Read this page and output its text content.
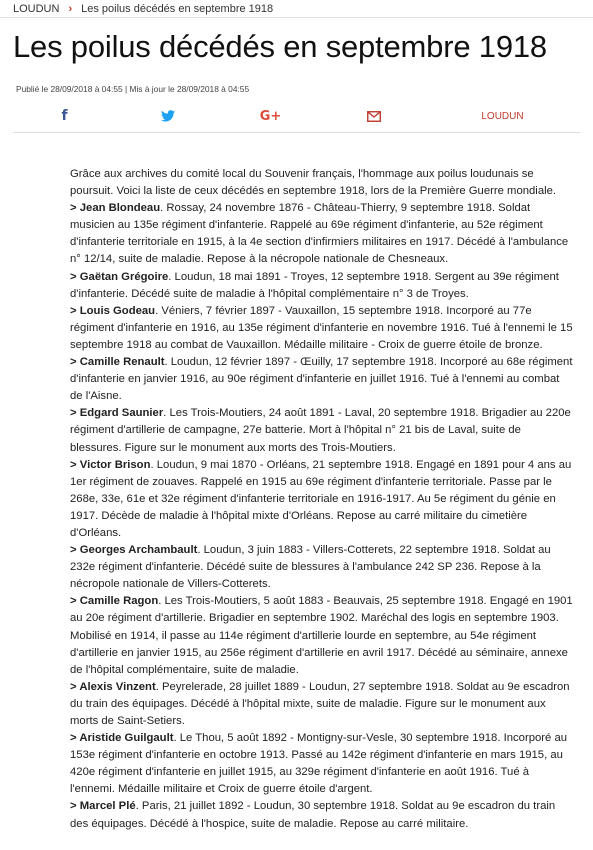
LOUDUN › Les poilus décédés en septembre 1918
Les poilus décédés en septembre 1918
Publié le 28/09/2018 à 04:55 | Mis à jour le 28/09/2018 à 04:55
f	G+	LOUDUN

Grâce aux archives du comité local du Souvenir français, l'hommage aux poilus loudunais se poursuit. Voici la liste de ceux décédés en septembre 1918, lors de la Première Guerre mondiale.

> Jean Blondeau. Rossay, 24 novembre 1876 - Château-Thierry, 9 septembre 1918. Soldat musicien au 135e régiment d'infanterie. Rappelé au 69e régiment d'infanterie, au 52e régiment d'infanterie territoriale en 1915, à la 4e section d'infirmiers militaires en 1917. Décédé à l'ambulance n° 12/14, suite de maladie. Repose à la nécropole nationale de Chesneaux.

> Gaëtan Grégoire. Loudun, 18 mai 1891 - Troyes, 12 septembre 1918. Sergent au 39e régiment d'infanterie. Décédé suite de maladie à l'hôpital complémentaire n° 3 de Troyes.

> Louis Godeau. Véniers, 7 février 1897 - Vauxaillon, 15 septembre 1918. Incorporé au 77e régiment d'infanterie en 1916, au 135e régiment d'infanterie en novembre 1916. Tué à l'ennemi le 15 septembre 1918 au combat de Vauxaillon. Médaille militaire - Croix de guerre étoile de bronze.

> Camille Renault. Loudun, 12 février 1897 - Œuilly, 17 septembre 1918. Incorporé au 68e régiment d'infanterie en janvier 1916, au 90e régiment d'infanterie en juillet 1916. Tué à l'ennemi au combat de l'Aisne.

> Edgard Saunier. Les Trois-Moutiers, 24 août 1891 - Laval, 20 septembre 1918. Brigadier au 220e régiment d'artillerie de campagne, 27e batterie. Mort à l'hôpital n° 21 bis de Laval, suite de blessures. Figure sur le monument aux morts des Trois-Moutiers.

> Victor Brison. Loudun, 9 mai 1870 - Orléans, 21 septembre 1918. Engagé en 1891 pour 4 ans au 1er régiment de zouaves. Rappelé en 1915 au 69e régiment d'infanterie territoriale. Passe par le 268e, 33e, 61e et 32e régiment d'infanterie territoriale en 1916-1917. Au 5e régiment du génie en 1917. Décède de maladie à l'hôpital mixte d'Orléans. Repose au carré militaire du cimetière d'Orléans.

> Georges Archambault. Loudun, 3 juin 1883 - Villers-Cotterets, 22 septembre 1918. Soldat au 232e régiment d'infanterie. Décédé suite de blessures à l'ambulance 242 SP 236. Repose à la nécropole nationale de Villers-Cotterets.

> Camille Ragon. Les Trois-Moutiers, 5 août 1883 - Beauvais, 25 septembre 1918. Engagé en 1901 au 20e régiment d'artillerie. Brigadier en septembre 1902. Maréchal des logis en septembre 1903. Mobilisé en 1914, il passe au 114e régiment d'artillerie lourde en septembre, au 54e régiment d'artillerie en janvier 1915, au 256e régiment d'artillerie en avril 1917. Décédé au séminaire, annexe de l'hôpital complémentaire, suite de maladie.

> Alexis Vinzent. Peyrelerade, 28 juillet 1889 - Loudun, 27 septembre 1918. Soldat au 9e escadron du train des équipages. Décédé à l'hôpital mixte, suite de maladie. Figure sur le monument aux morts de Saint-Setiers.

> Aristide Guilgault. Le Thou, 5 août 1892 - Montigny-sur-Vesle, 30 septembre 1918. Incorporé au 153e régiment d'infanterie en octobre 1913. Passé au 142e régiment d'infanterie en mars 1915, au 420e régiment d'infanterie en juillet 1915, au 329e régiment d'infanterie en août 1916. Tué à l'ennemi. Médaille militaire et Croix de guerre étoile d'argent.

> Marcel Plé. Paris, 21 juillet 1892 - Loudun, 30 septembre 1918. Soldat au 9e escadron du train des équipages. Décédé à l'hospice, suite de maladie. Repose au carré militaire.
